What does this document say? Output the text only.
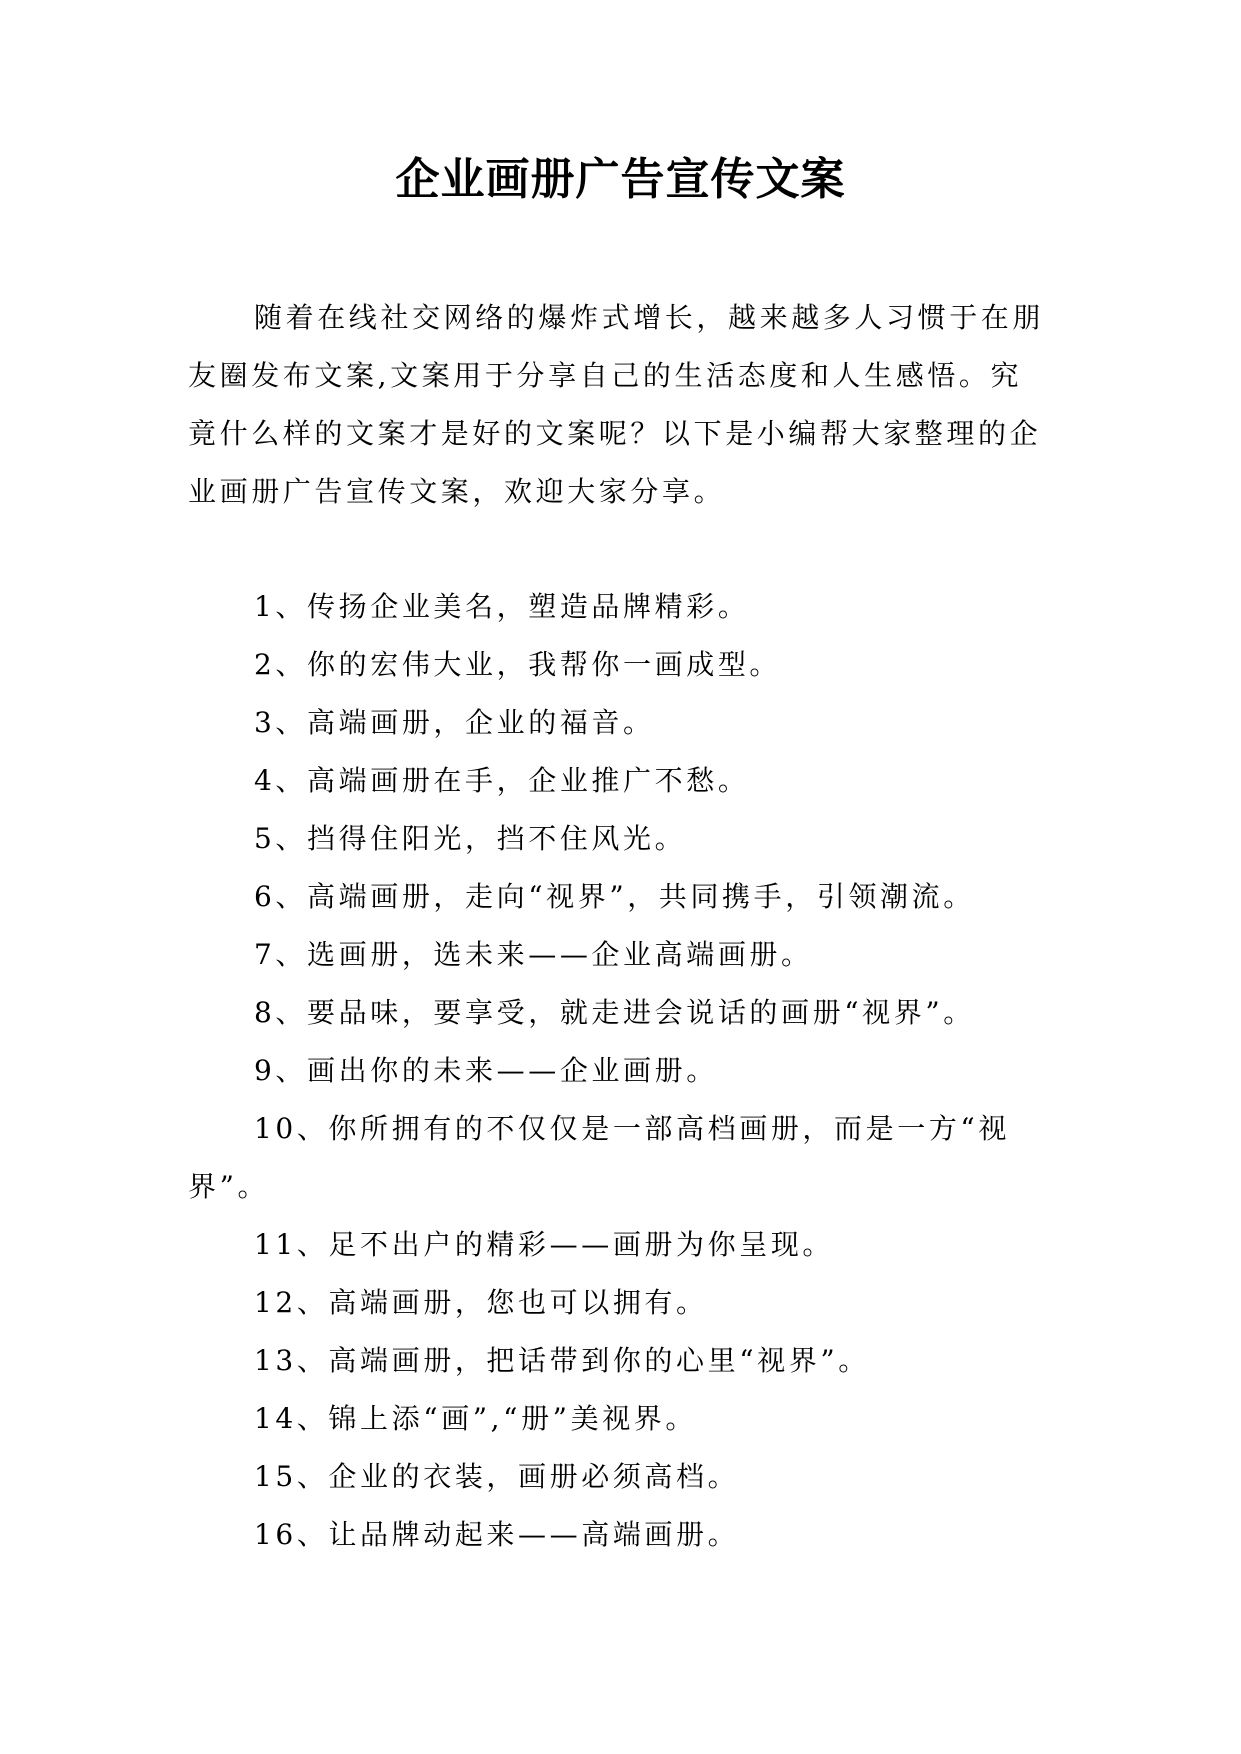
企业画册广告宣传文案

随着在线社交网络的爆炸式增长，越来越多人习惯于在朋友圈发布文案,文案用于分享自己的生活态度和人生感悟。究竟什么样的文案才是好的文案呢？以下是小编帮大家整理的企业画册广告宣传文案，欢迎大家分享。

1、传扬企业美名，塑造品牌精彩。
2、你的宏伟大业，我帮你一画成型。
3、高端画册，企业的福音。
4、高端画册在手，企业推广不愁。
5、挡得住阳光，挡不住风光。
6、高端画册，走向“视界”，共同携手，引领潮流。
7、选画册，选未来——企业高端画册。
8、要品味，要享受，就走进会说话的画册“视界”。
9、画出你的未来——企业画册。
10、你所拥有的不仅仅是一部高档画册，而是一方“视界”。
11、足不出户的精彩——画册为你呈现。
12、高端画册，您也可以拥有。
13、高端画册，把话带到你的心里“视界”。
14、锦上添“画”,“册”美视界。
15、企业的衣装，画册必须高档。
16、让品牌动起来——高端画册。
